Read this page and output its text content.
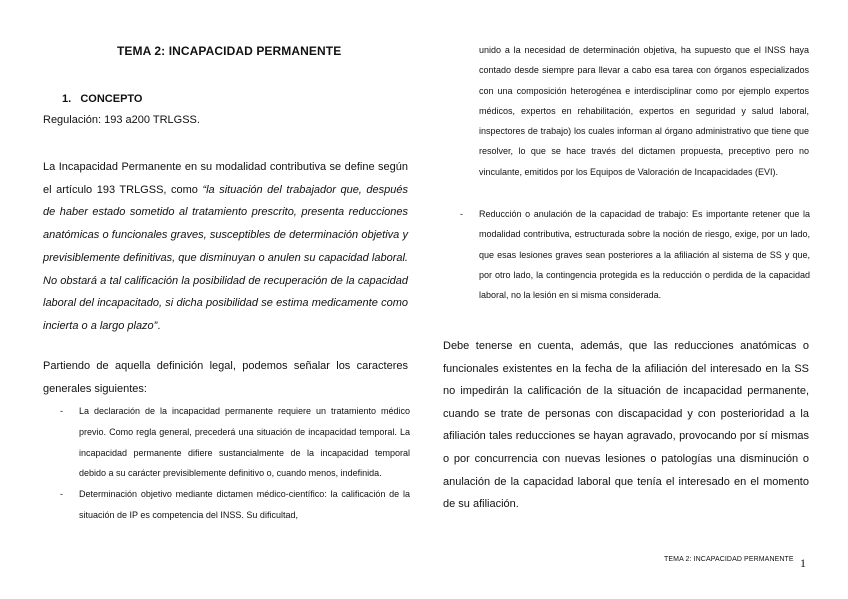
TEMA 2: INCAPACIDAD PERMANENTE
1.   CONCEPTO
Regulación: 193 a200 TRLGSS.
La Incapacidad Permanente en su modalidad contributiva se define según el artículo 193 TRLGSS, como “la situación del trabajador que, después de haber estado sometido al tratamiento prescrito, presenta reducciones anatómicas o funcionales graves, susceptibles de determinación objetiva y previsiblemente definitivas, que disminuyan o anulen su capacidad laboral. No obstará a tal calificación la posibilidad de recuperación de la capacidad laboral del incapacitado, si dicha posibilidad se estima medicamente como incierta o a largo plazo”.
Partiendo de aquella definición legal, podemos señalar los caracteres generales siguientes:
- La declaración de la incapacidad permanente requiere un tratamiento médico previo. Como regla general, precederá una situación de incapacidad temporal. La incapacidad permanente difiere sustancialmente de la incapacidad temporal debido a su carácter previsiblemente definitivo o, cuando menos, indefinida.
- Determinación objetivo mediante dictamen médico-científico: la calificación de la situación de IP es competencia del INSS. Su dificultad,
unido a la necesidad de determinación objetiva, ha supuesto que el INSS haya contado desde siempre para llevar a cabo esa tarea con órganos especializados con una composición heterogénea e interdisciplinar como por ejemplo expertos médicos, expertos en rehabilitación, expertos en seguridad y salud laboral, inspectores de trabajo) los cuales informan al órgano administrativo que tiene que resolver, lo que se hace través del dictamen propuesta, preceptivo pero no vinculante, emitidos por los Equipos de Valoración de Incapacidades (EVI).
- Reducción o anulación de la capacidad de trabajo: Es importante retener que la modalidad contributiva, estructurada sobre la noción de riesgo, exige, por un lado, que esas lesiones graves sean posteriores a la afiliación al sistema de SS y que, por otro lado, la contingencia protegida es la reducción o perdida de la capacidad laboral, no la lesión en si misma considerada.
Debe tenerse en cuenta, además, que las reducciones anatómicas o funcionales existentes en la fecha de la afiliación del interesado en la SS no impedirán la calificación de la situación de incapacidad permanente, cuando se trate de personas con discapacidad y con posterioridad a la afiliación tales reducciones se hayan agravado, provocando por sí mismas o por concurrencia con nuevas lesiones o patologías una disminución o anulación de la capacidad laboral que tenía el interesado en el momento de su afiliación.
TEMA 2: INCAPACIDAD PERMANENTE 1
